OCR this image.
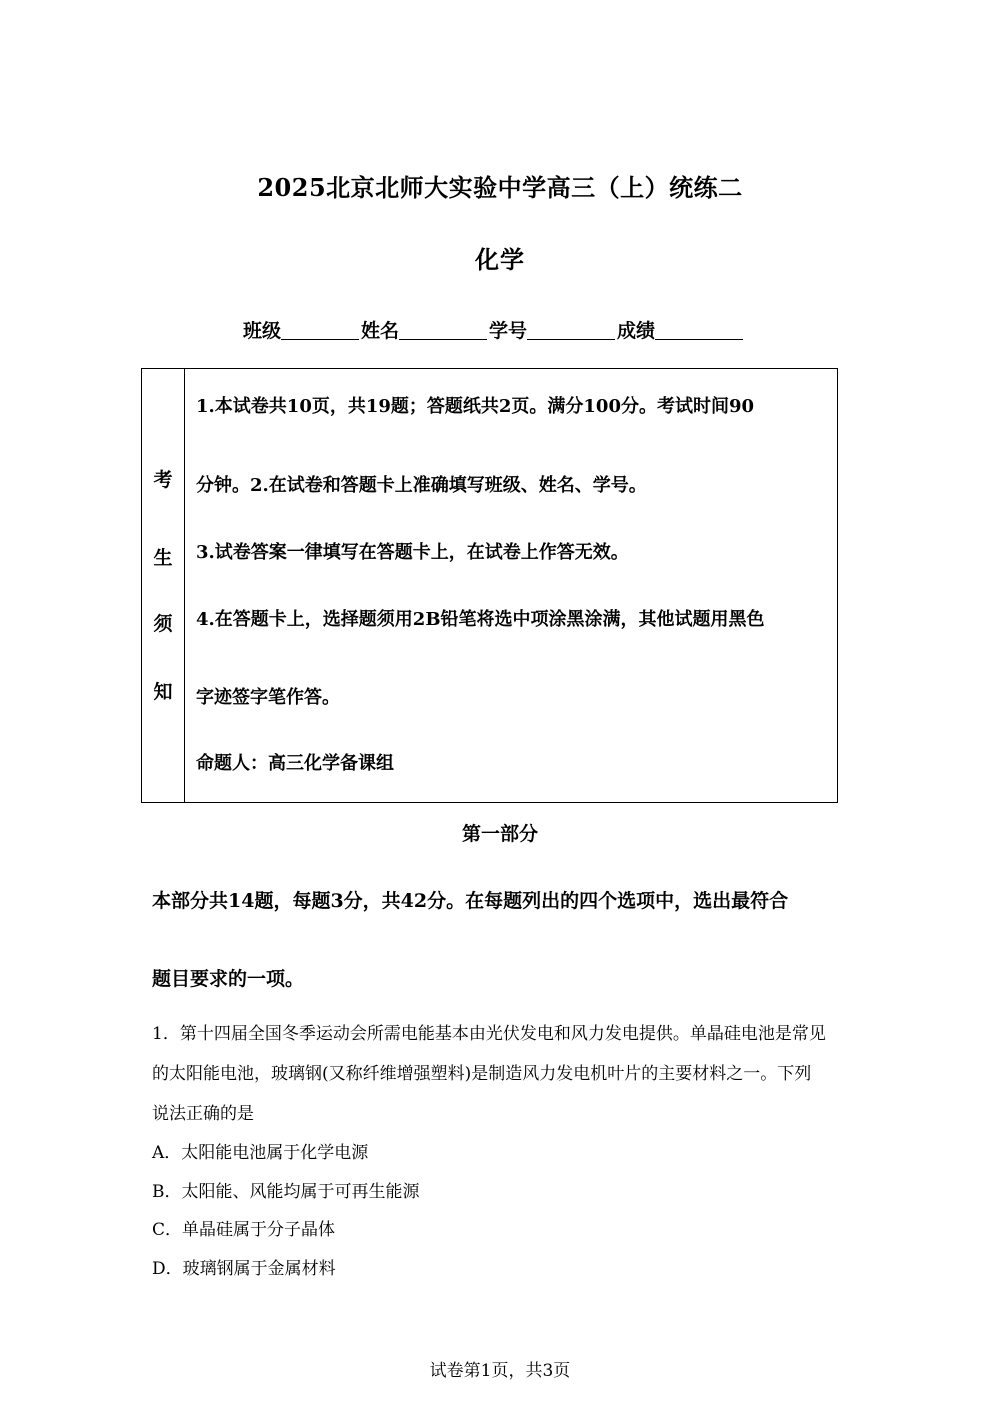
2025北京北师大实验中学高三（上）统练二
化学
班级	姓名	学号	成绩
考
生
须
知
1.本试卷共10页，共19题；答题纸共2页。满分100分。考试时间90
分钟。2.在试卷和答题卡上准确填写班级、姓名、学号。
3.试卷答案一律填写在答题卡上，在试卷上作答无效。
4.在答题卡上，选择题须用2B铅笔将选中项涂黑涂满，其他试题用黑色
字迹签字笔作答。
命题人：高三化学备课组
第一部分
本部分共14题，每题3分，共42分。在每题列出的四个选项中，选出最符合
题目要求的一项。
1．第十四届全国冬季运动会所需电能基本由光伏发电和风力发电提供。单晶硅电池是常见
的太阳能电池，玻璃钢(又称纤维增强塑料)是制造风力发电机叶片的主要材料之一。下列
说法正确的是
A．太阳能电池属于化学电源
B．太阳能、风能均属于可再生能源
C．单晶硅属于分子晶体
D．玻璃钢属于金属材料
试卷第1页，共3页
